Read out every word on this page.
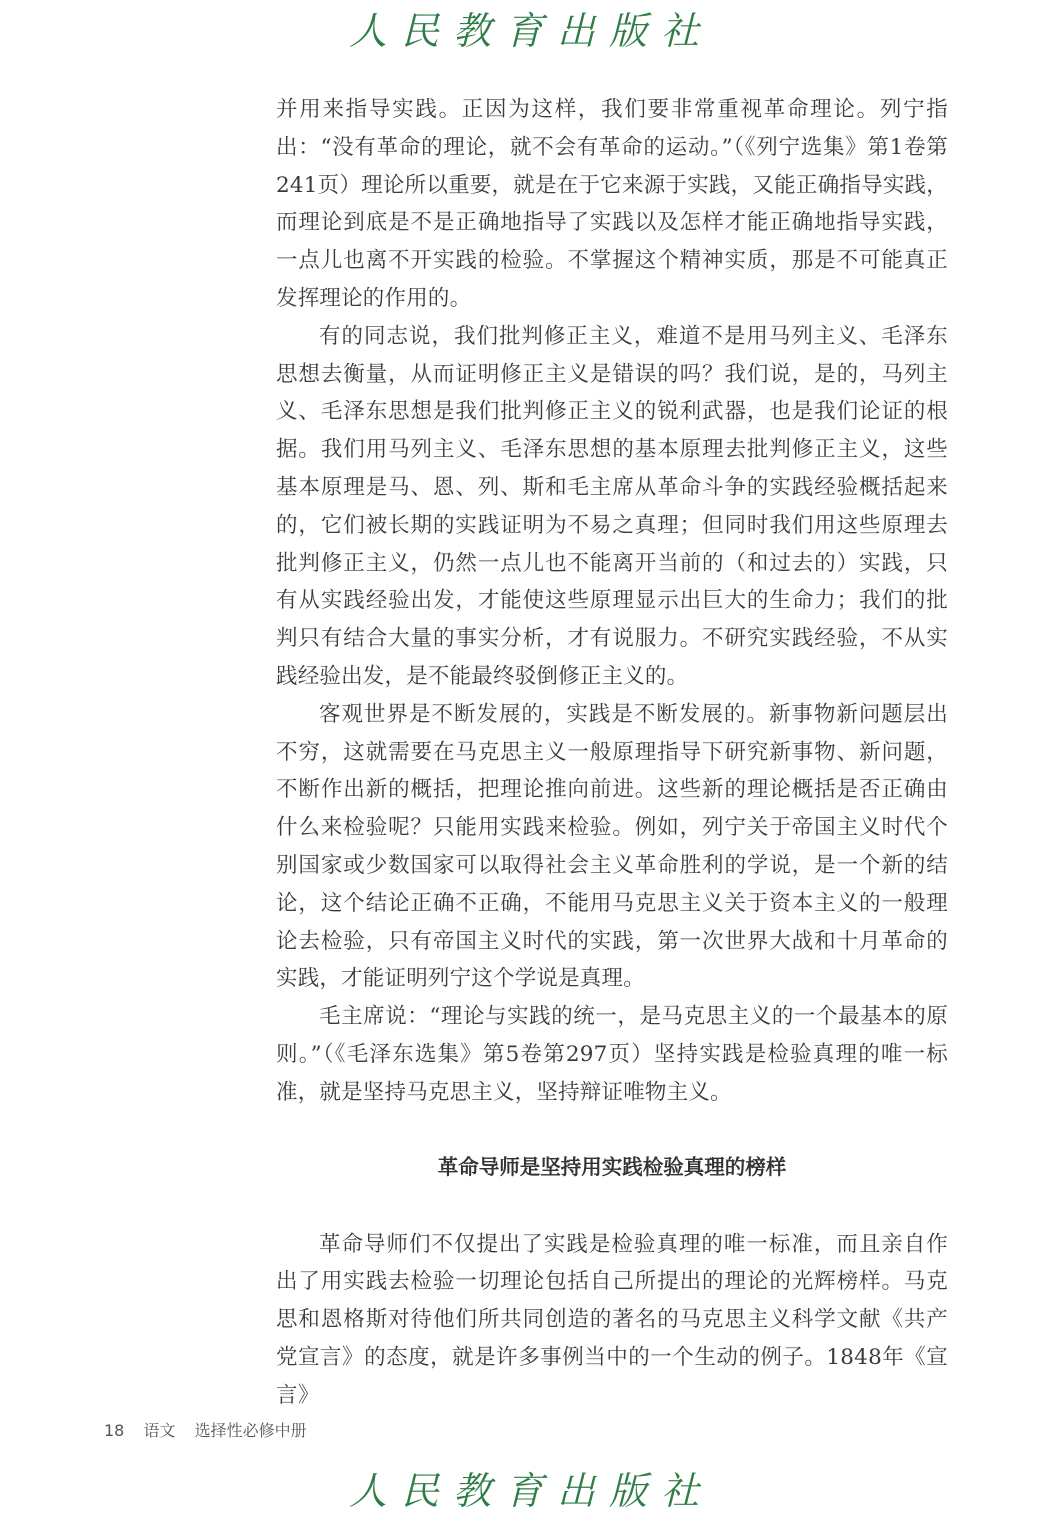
人民教育出版社

并用来指导实践。正因为这样，我们要非常重视革命理论。列宁指出：“没有革命的理论，就不会有革命的运动。”（《列宁选集》第1卷第241页）理论所以重要，就是在于它来源于实践，又能正确指导实践，而理论到底是不是正确地指导了实践以及怎样才能正确地指导实践，一点儿也离不开实践的检验。不掌握这个精神实质，那是不可能真正发挥理论的作用的。

有的同志说，我们批判修正主义，难道不是用马列主义、毛泽东思想去衡量，从而证明修正主义是错误的吗？我们说，是的，马列主义、毛泽东思想是我们批判修正主义的锐利武器，也是我们论证的根据。我们用马列主义、毛泽东思想的基本原理去批判修正主义，这些基本原理是马、恩、列、斯和毛主席从革命斗争的实践经验概括起来的，它们被长期的实践证明为不易之真理；但同时我们用这些原理去批判修正主义，仍然一点儿也不能离开当前的（和过去的）实践，只有从实践经验出发，才能使这些原理显示出巨大的生命力；我们的批判只有结合大量的事实分析，才有说服力。不研究实践经验，不从实践经验出发，是不能最终驳倒修正主义的。

客观世界是不断发展的，实践是不断发展的。新事物新问题层出不穷，这就需要在马克思主义一般原理指导下研究新事物、新问题，不断作出新的概括，把理论推向前进。这些新的理论概括是否正确由什么来检验呢？只能用实践来检验。例如，列宁关于帝国主义时代个别国家或少数国家可以取得社会主义革命胜利的学说，是一个新的结论，这个结论正确不正确，不能用马克思主义关于资本主义的一般理论去检验，只有帝国主义时代的实践，第一次世界大战和十月革命的实践，才能证明列宁这个学说是真理。

毛主席说：“理论与实践的统一，是马克思主义的一个最基本的原则。”（《毛泽东选集》第5卷第297页）坚持实践是检验真理的唯一标准，就是坚持马克思主义，坚持辩证唯物主义。

革命导师是坚持用实践检验真理的榜样

革命导师们不仅提出了实践是检验真理的唯一标准，而且亲自作出了用实践去检验一切理论包括自己所提出的理论的光辉榜样。马克思和恩格斯对待他们所共同创造的著名的马克思主义科学文献《共产党宣言》的态度，就是许多事例当中的一个生动的例子。1848年《宣言》

18 语文 选择性必修中册
人民教育出版社
